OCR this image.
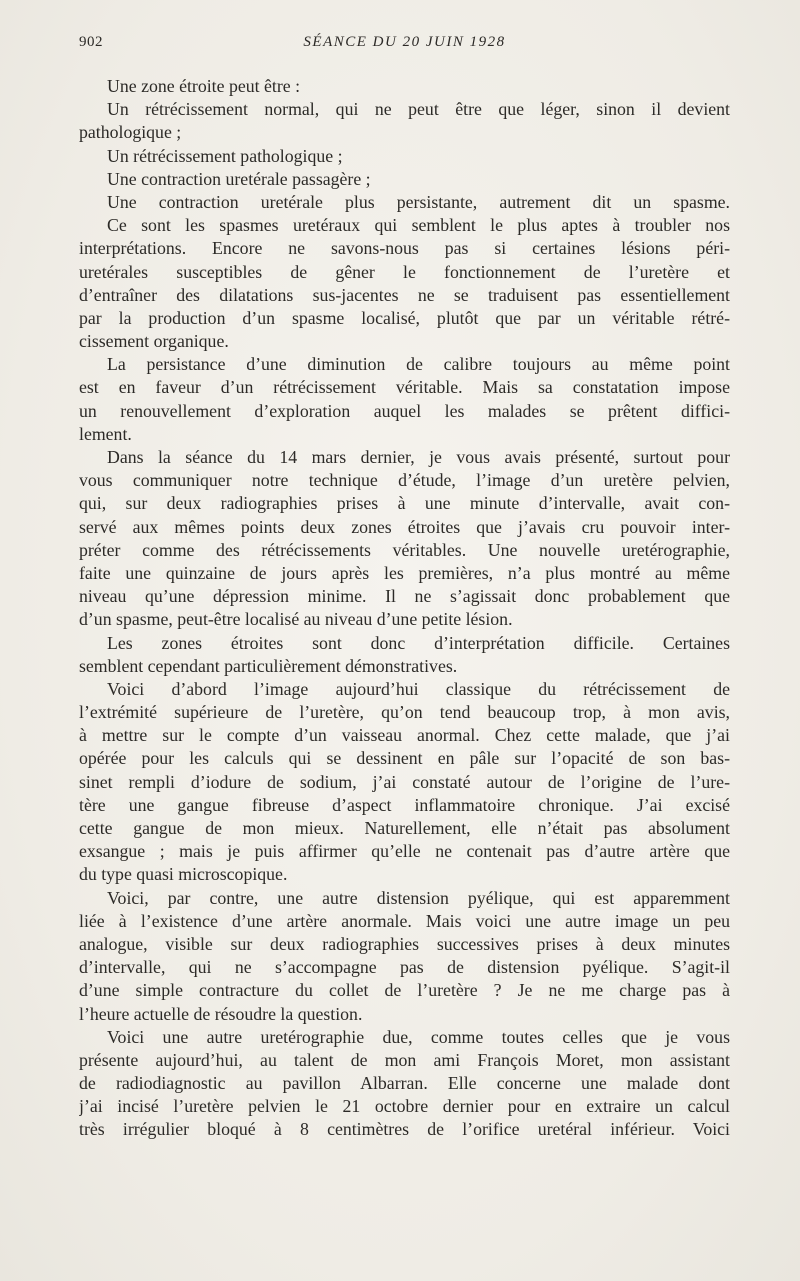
902	SÉANCE DU 20 JUIN 1928
Une zone étroite peut être :
Un rétrécissement normal, qui ne peut être que léger, sinon il devient
pathologique ;
Un rétrécissement pathologique ;
Une contraction uretérale passagère ;
Une contraction uretérale plus persistante, autrement dit un spasme.
Ce sont les spasmes uretéraux qui semblent le plus aptes à troubler nos
interprétations. Encore ne savons-nous pas si certaines lésions péri-
uretérales susceptibles de gêner le fonctionnement de l’uretère et
d’entraîner des dilatations sus-jacentes ne se traduisent pas essentiellement
par la production d’un spasme localisé, plutôt que par un véritable rétré-
cissement organique.
La persistance d’une diminution de calibre toujours au même point
est en faveur d’un rétrécissement véritable. Mais sa constatation impose
un renouvellement d’exploration auquel les malades se prêtent diffici-
lement.
Dans la séance du 14 mars dernier, je vous avais présenté, surtout pour
vous communiquer notre technique d’étude, l’image d’un uretère pelvien,
qui, sur deux radiographies prises à une minute d’intervalle, avait con-
servé aux mêmes points deux zones étroites que j’avais cru pouvoir inter-
préter comme des rétrécissements véritables. Une nouvelle uretérographie,
faite une quinzaine de jours après les premières, n’a plus montré au même
niveau qu’une dépression minime. Il ne s’agissait donc probablement que
d’un spasme, peut-être localisé au niveau d’une petite lésion.
Les zones étroites sont donc d’interprétation difficile. Certaines
semblent cependant particulièrement démonstratives.
Voici d’abord l’image aujourd’hui classique du rétrécissement de
l’extrémité supérieure de l’uretère, qu’on tend beaucoup trop, à mon avis,
à mettre sur le compte d’un vaisseau anormal. Chez cette malade, que j’ai
opérée pour les calculs qui se dessinent en pâle sur l’opacité de son bas-
sinet rempli d’iodure de sodium, j’ai constaté autour de l’origine de l’ure-
tère une gangue fibreuse d’aspect inflammatoire chronique. J’ai excisé
cette gangue de mon mieux. Naturellement, elle n’était pas absolument
exsangue ; mais je puis affirmer qu’elle ne contenait pas d’autre artère que
du type quasi microscopique.
Voici, par contre, une autre distension pyélique, qui est apparemment
liée à l’existence d’une artère anormale. Mais voici une autre image un peu
analogue, visible sur deux radiographies successives prises à deux minutes
d’intervalle, qui ne s’accompagne pas de distension pyélique. S’agit-il
d’une simple contracture du collet de l’uretère ? Je ne me charge pas à
l’heure actuelle de résoudre la question.
Voici une autre uretérographie due, comme toutes celles que je vous
présente aujourd’hui, au talent de mon ami François Moret, mon assistant
de radiodiagnostic au pavillon Albarran. Elle concerne une malade dont
j’ai incisé l’uretère pelvien le 21 octobre dernier pour en extraire un calcul
très irrégulier bloqué à 8 centimètres de l’orifice uretéral inférieur. Voici
